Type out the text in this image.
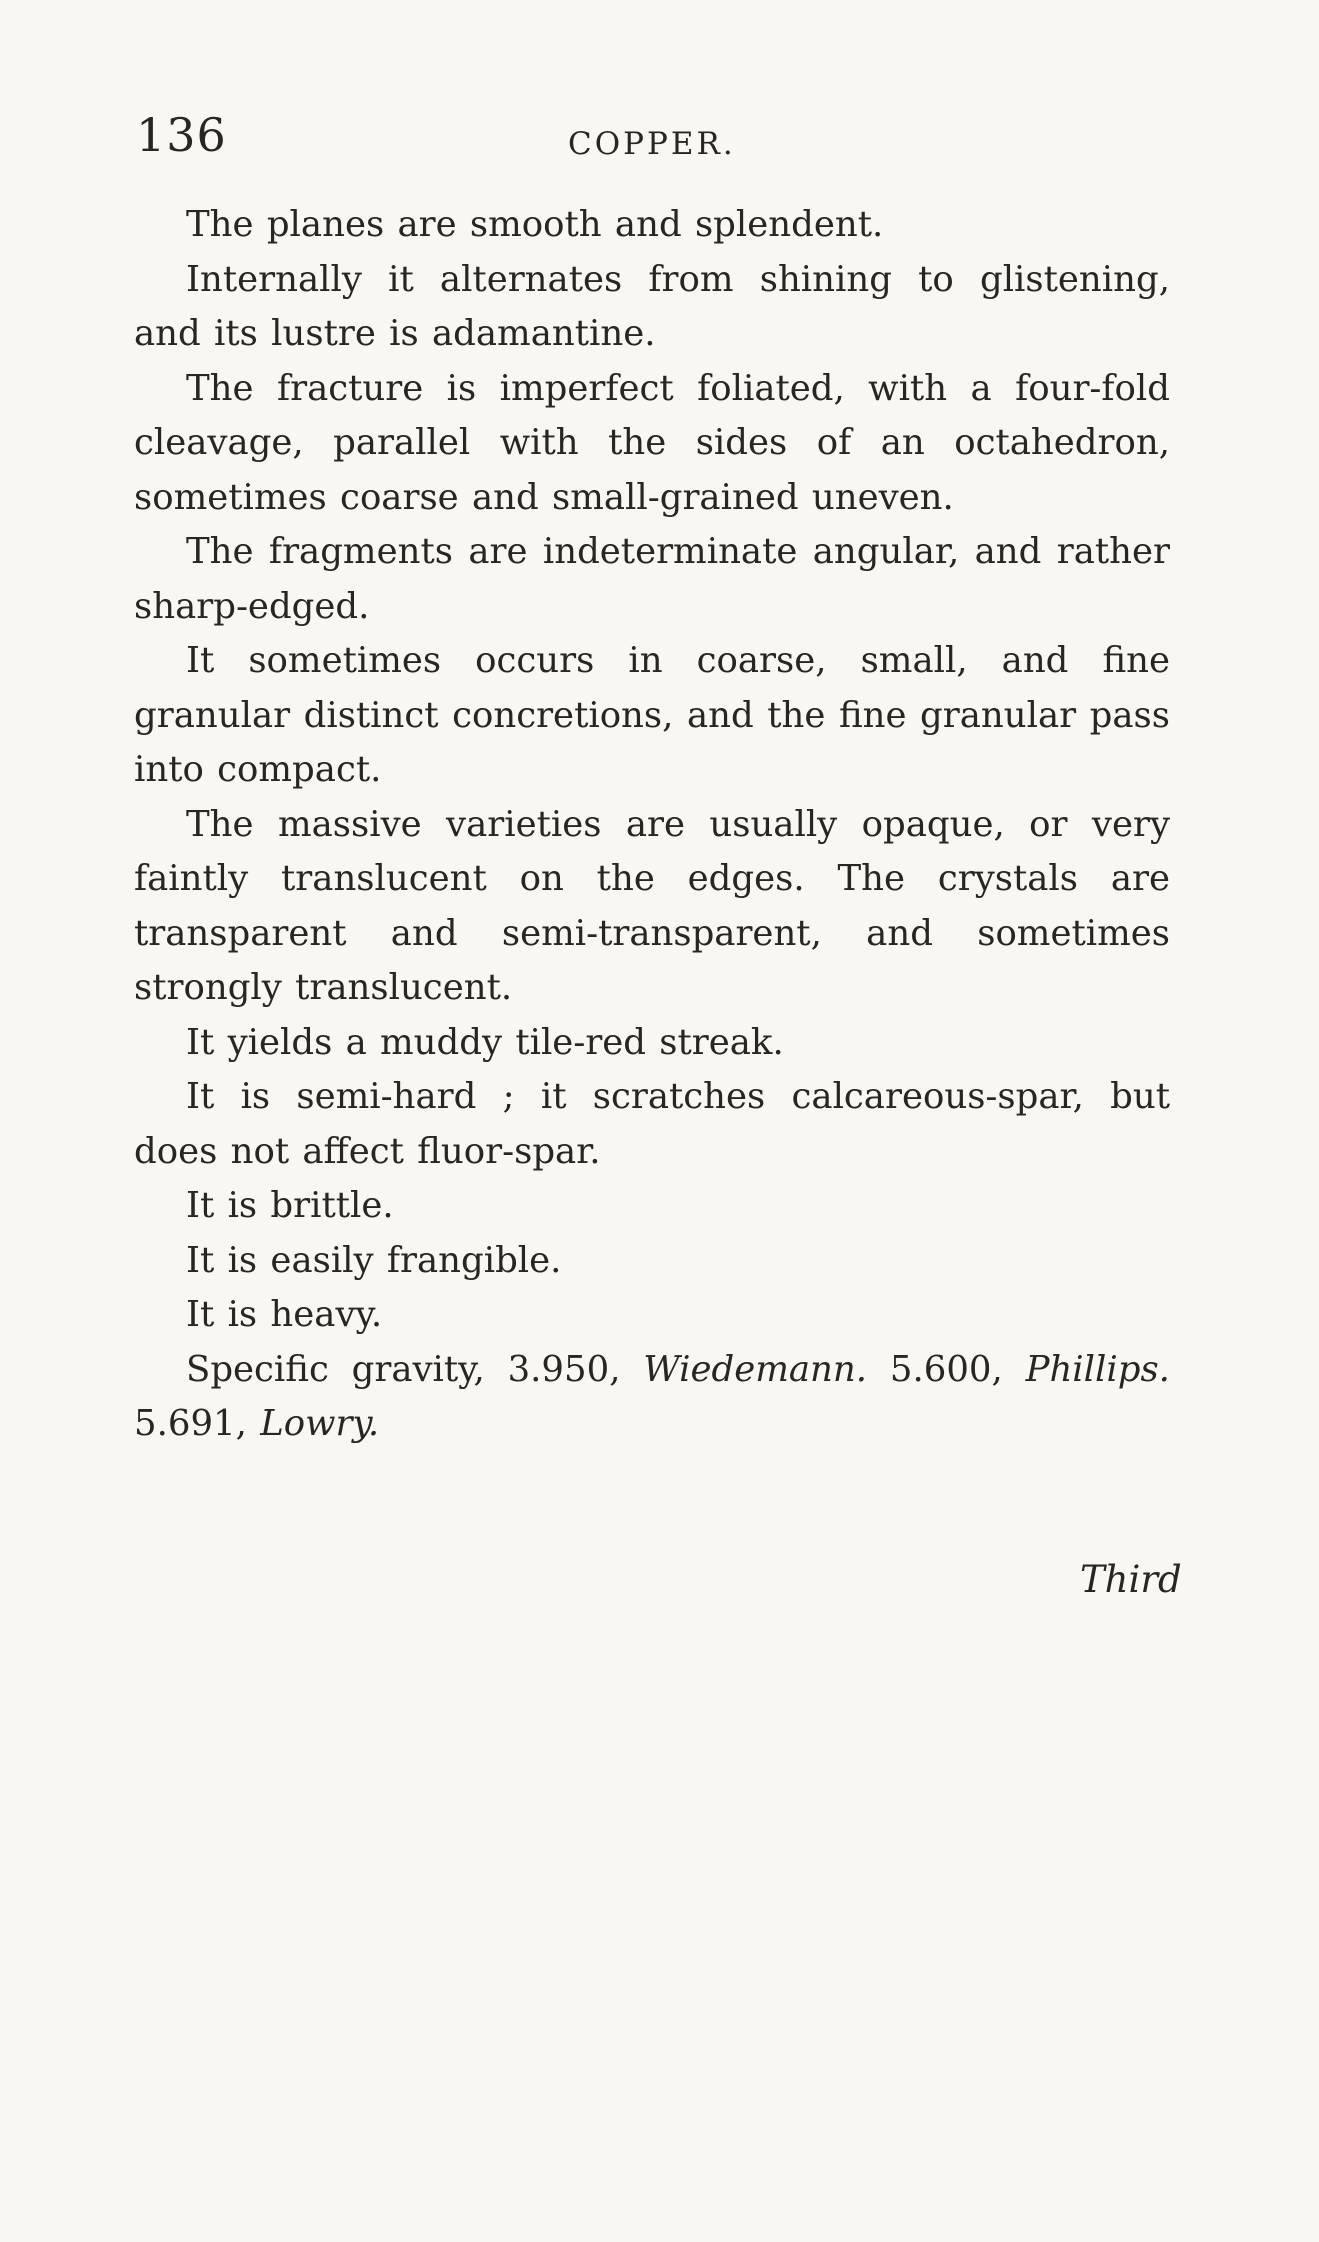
136	COPPER.

The planes are smooth and splendent.

Internally it alternates from shining to glistening, and its lustre is adamantine.

The fracture is imperfect foliated, with a four-fold cleavage, parallel with the sides of an octahedron, sometimes coarse and small-grained uneven.

The fragments are indeterminate angular, and rather sharp-edged.

It sometimes occurs in coarse, small, and fine granular distinct concretions, and the fine granular pass into compact.

The massive varieties are usually opaque, or very faintly translucent on the edges. The crystals are transparent and semi-transparent, and sometimes strongly translucent.

It yields a muddy tile-red streak.

It is semi-hard ; it scratches calcareous-spar, but does not affect fluor-spar.

It is brittle.

It is easily frangible.

It is heavy.

Specific gravity, 3.950, Wiedemann. 5.600, Phillips. 5.691, Lowry.

Third
